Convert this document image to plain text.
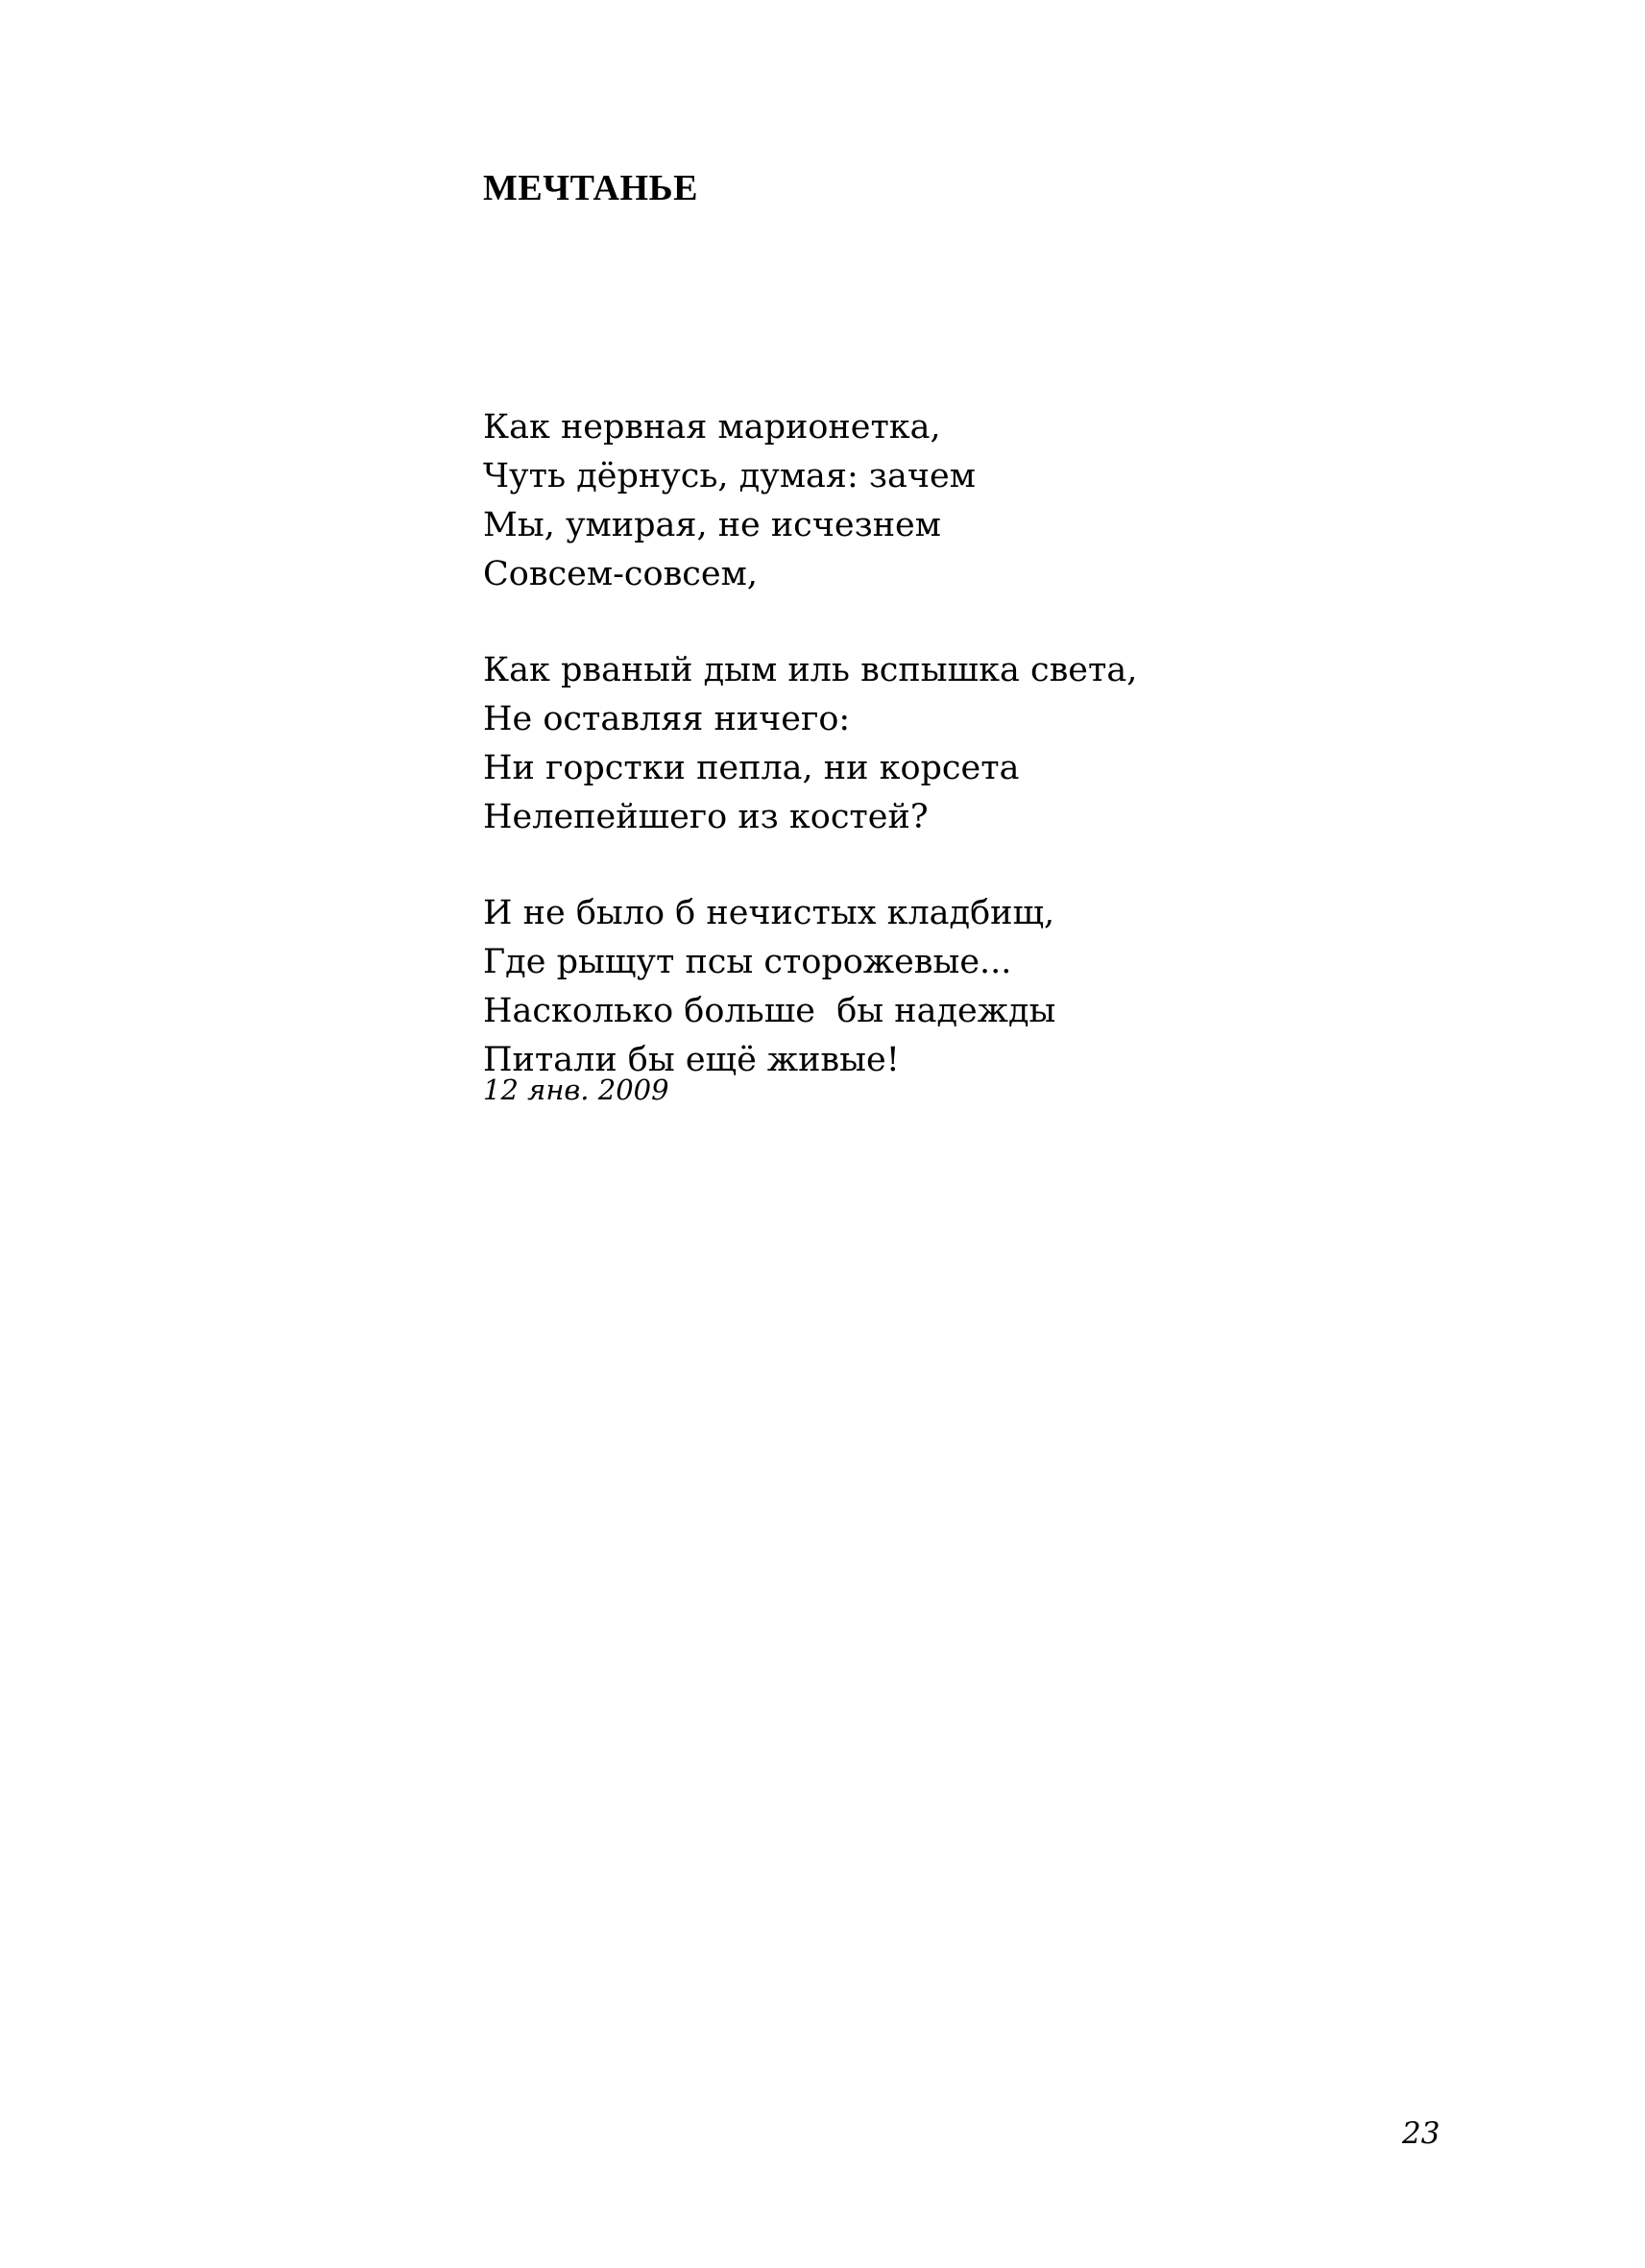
МЕЧТАНЬЕ
Как нервная марионетка,
Чуть дёрнусь, думая: зачем
Мы, умирая, не исчезнем
Совсем-совсем,
Как рваный дым иль вспышка света,
Не оставляя ничего:
Ни горстки пепла, ни корсета
Нелепейшего из костей?
И не было б нечистых кладбищ,
Где рыщут псы сторожевые...
Насколько больше  бы надежды
Питали бы ещё живые!

12 янв. 2009

23
